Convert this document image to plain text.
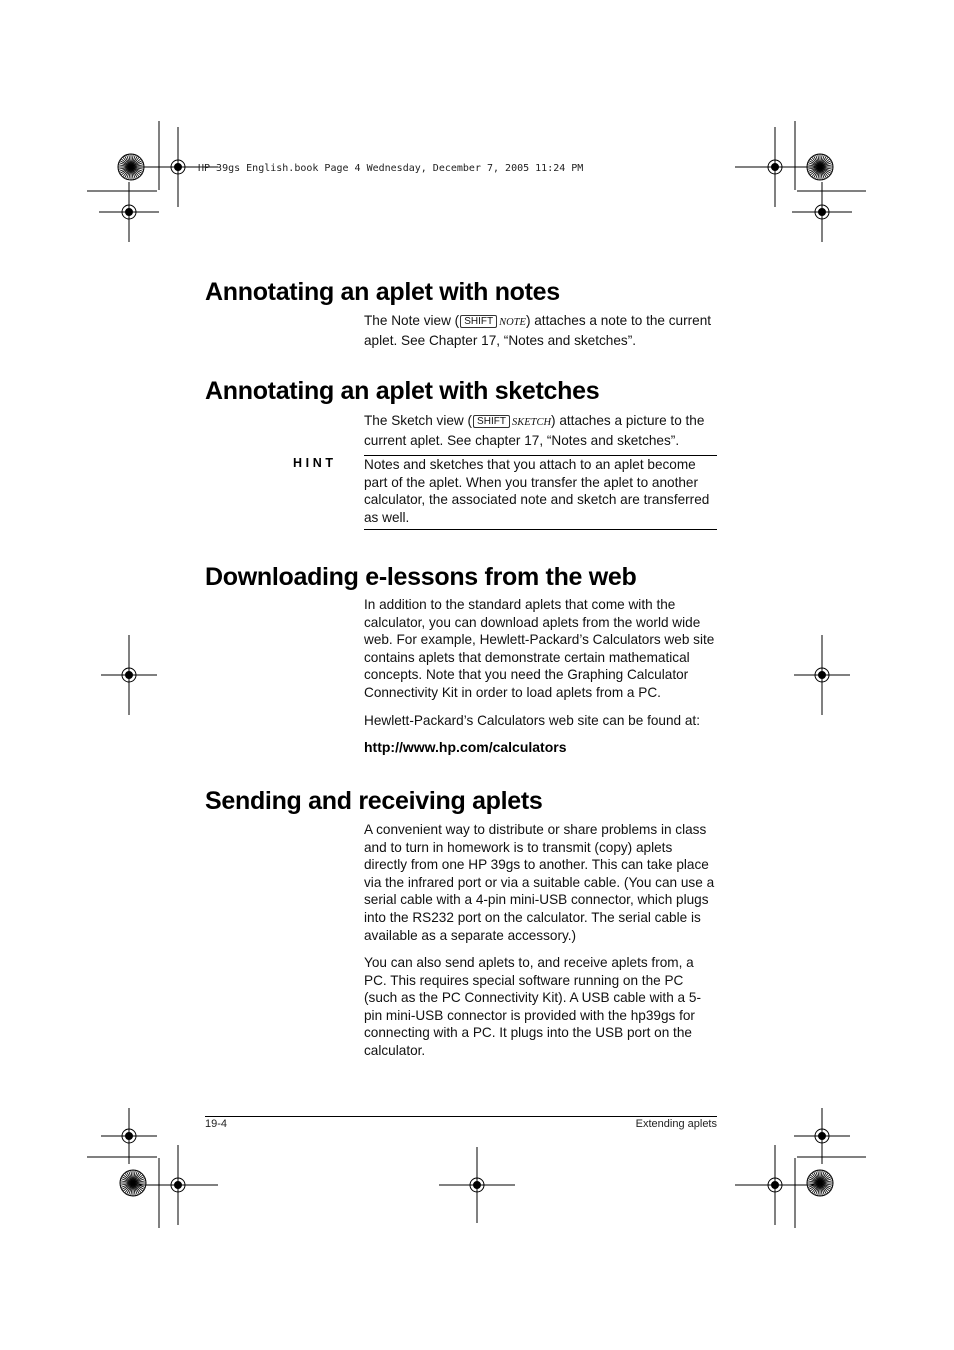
HP 39gs English.book Page 4 Wednesday, December 7, 2005 11:24 PM
Annotating an aplet with notes

The Note view ( SHIFT NOTE) attaches a note to the current aplet. See Chapter 17, “Notes and sketches”.

Annotating an aplet with sketches

The Sketch view ( SHIFT SKETCH) attaches a picture to the current aplet. See chapter 17, “Notes and sketches”.

HINT Notes and sketches that you attach to an aplet become part of the aplet. When you transfer the aplet to another calculator, the associated note and sketch are transferred as well.

Downloading e-lessons from the web

In addition to the standard aplets that come with the calculator, you can download aplets from the world wide web. For example, Hewlett-Packard’s Calculators web site contains aplets that demonstrate certain mathematical concepts. Note that you need the Graphing Calculator Connectivity Kit in order to load aplets from a PC.

Hewlett-Packard’s Calculators web site can be found at:

http://www.hp.com/calculators
Sending and receiving aplets

A convenient way to distribute or share problems in class and to turn in homework is to transmit (copy) aplets directly from one HP 39gs to another. This can take place via the infrared port or via a suitable cable. (You can use a serial cable with a 4-pin mini-USB connector, which plugs into the RS232 port on the calculator. The serial cable is available as a separate accessory.)

You can also send aplets to, and receive aplets from, a PC. This requires special software running on the PC (such as the PC Connectivity Kit). A USB cable with a 5-pin mini-USB connector is provided with the hp39gs for connecting with a PC. It plugs into the USB port on the calculator.

19-4	Extending aplets
